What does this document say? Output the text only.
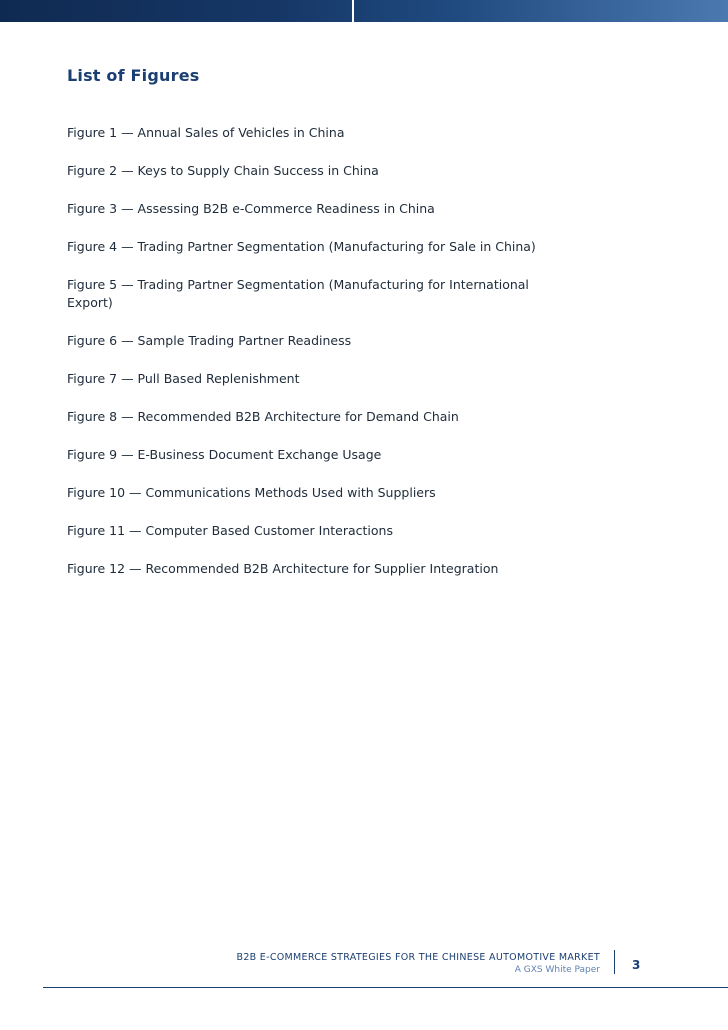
List of Figures
Figure 1 — Annual Sales of Vehicles in China
Figure 2 — Keys to Supply Chain Success in China
Figure 3 — Assessing B2B e-Commerce Readiness in China
Figure 4 — Trading Partner Segmentation (Manufacturing for Sale in China)
Figure 5 — Trading Partner Segmentation (Manufacturing for International Export)
Figure 6 — Sample Trading Partner Readiness
Figure 7 — Pull Based Replenishment
Figure 8 — Recommended B2B Architecture for Demand Chain
Figure 9 — E-Business Document Exchange Usage
Figure 10 — Communications Methods Used with Suppliers
Figure 11 — Computer Based Customer Interactions
Figure 12 — Recommended B2B Architecture for Supplier Integration
B2B E-COMMERCE STRATEGIES FOR THE CHINESE AUTOMOTIVE MARKET
A GXS White Paper	3
